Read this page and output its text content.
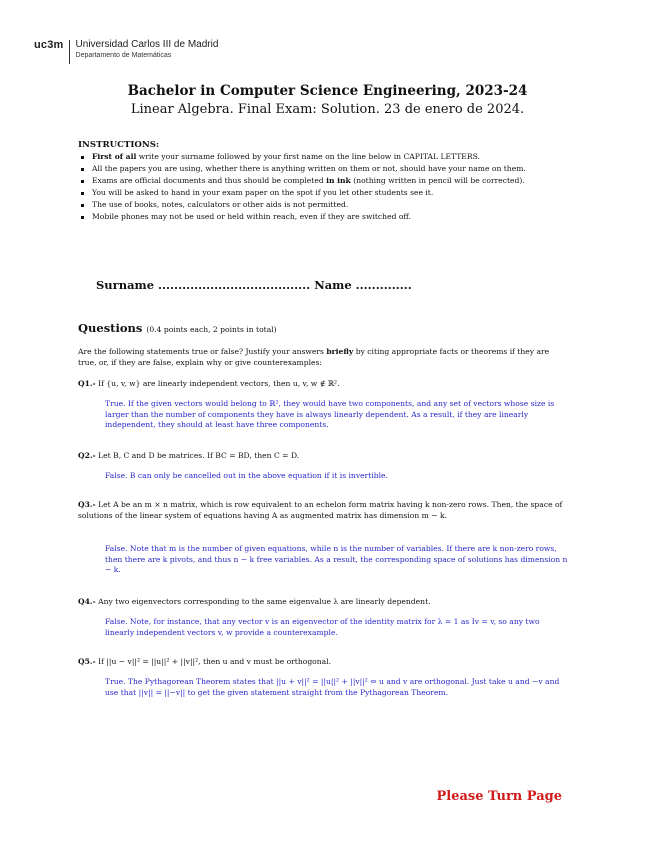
uc3m Universidad Carlos III de Madrid
Departamento de Matemáticas
Bachelor in Computer Science Engineering, 2023-24
Linear Algebra. Final Exam: Solution. 23 de enero de 2024.
INSTRUCTIONS:
First of all write your surname followed by your first name on the line below in CAPITAL LETTERS.
All the papers you are using, whether there is anything written on them or not, should have your name on them.
Exams are official documents and thus should be completed in ink (nothing written in pencil will be corrected).
You will be asked to hand in your exam paper on the spot if you let other students see it.
The use of books, notes, calculators or other aids is not permitted.
Mobile phones may not be used or held within reach, even if they are switched off.
Surname ...................................... Name ..............
Questions (0.4 points each, 2 points in total)
Are the following statements true or false? Justify your answers briefly by citing appropriate facts or theorems if they are true, or, if they are false, explain why or give counterexamples:
Q1.- If {u, v, w} are linearly independent vectors, then u, v, w ∉ ℝ².
True. If the given vectors would belong to ℝ², they would have two components, and any set of vectors whose size is larger than the number of components they have is always linearly dependent. As a result, if they are linearly independent, they should at least have three components.
Q2.- Let B, C and D be matrices. If BC = BD, then C = D.
False. B can only be cancelled out in the above equation if it is invertible.
Q3.- Let A be an m × n matrix, which is row equivalent to an echelon form matrix having k non-zero rows. Then, the space of solutions of the linear system of equations having A as augmented matrix has dimension m − k.
False. Note that m is the number of given equations, while n is the number of variables. If there are k non-zero rows, then there are k pivots, and thus n − k free variables. As a result, the corresponding space of solutions has dimension n − k.
Q4.- Any two eigenvectors corresponding to the same eigenvalue λ are linearly dependent.
False. Note, for instance, that any vector v is an eigenvector of the identity matrix for λ = 1 as Iv = v, so any two linearly independent vectors v, w provide a counterexample.
Q5.- If ||u − v||² = ||u||² + ||v||², then u and v must be orthogonal.
True. The Pythagorean Theorem states that ||u + v||² = ||u||² + ||v||² ⇔ u and v are orthogonal. Just take u and −v and use that ||v|| = ||−v|| to get the given statement straight from the Pythagorean Theorem.
Please Turn Page
